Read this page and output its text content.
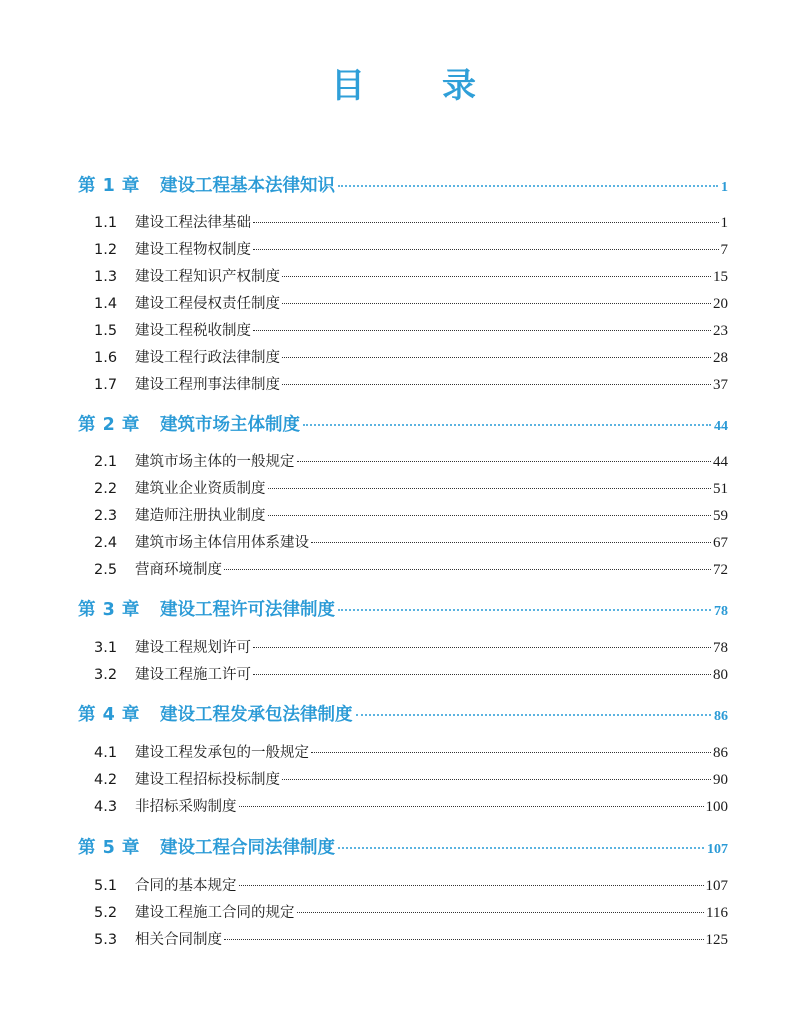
目 录
第 1 章	建设工程基本法律知识	1
1.1	建设工程法律基础	1
1.2	建设工程物权制度	7
1.3	建设工程知识产权制度	15
1.4	建设工程侵权责任制度	20
1.5	建设工程税收制度	23
1.6	建设工程行政法律制度	28
1.7	建设工程刑事法律制度	37
第 2 章	建筑市场主体制度	44
2.1	建筑市场主体的一般规定	44
2.2	建筑业企业资质制度	51
2.3	建造师注册执业制度	59
2.4	建筑市场主体信用体系建设	67
2.5	营商环境制度	72
第 3 章	建设工程许可法律制度	78
3.1	建设工程规划许可	78
3.2	建设工程施工许可	80
第 4 章	建设工程发承包法律制度	86
4.1	建设工程发承包的一般规定	86
4.2	建设工程招标投标制度	90
4.3	非招标采购制度	100
第 5 章	建设工程合同法律制度	107
5.1	合同的基本规定	107
5.2	建设工程施工合同的规定	116
5.3	相关合同制度	125
